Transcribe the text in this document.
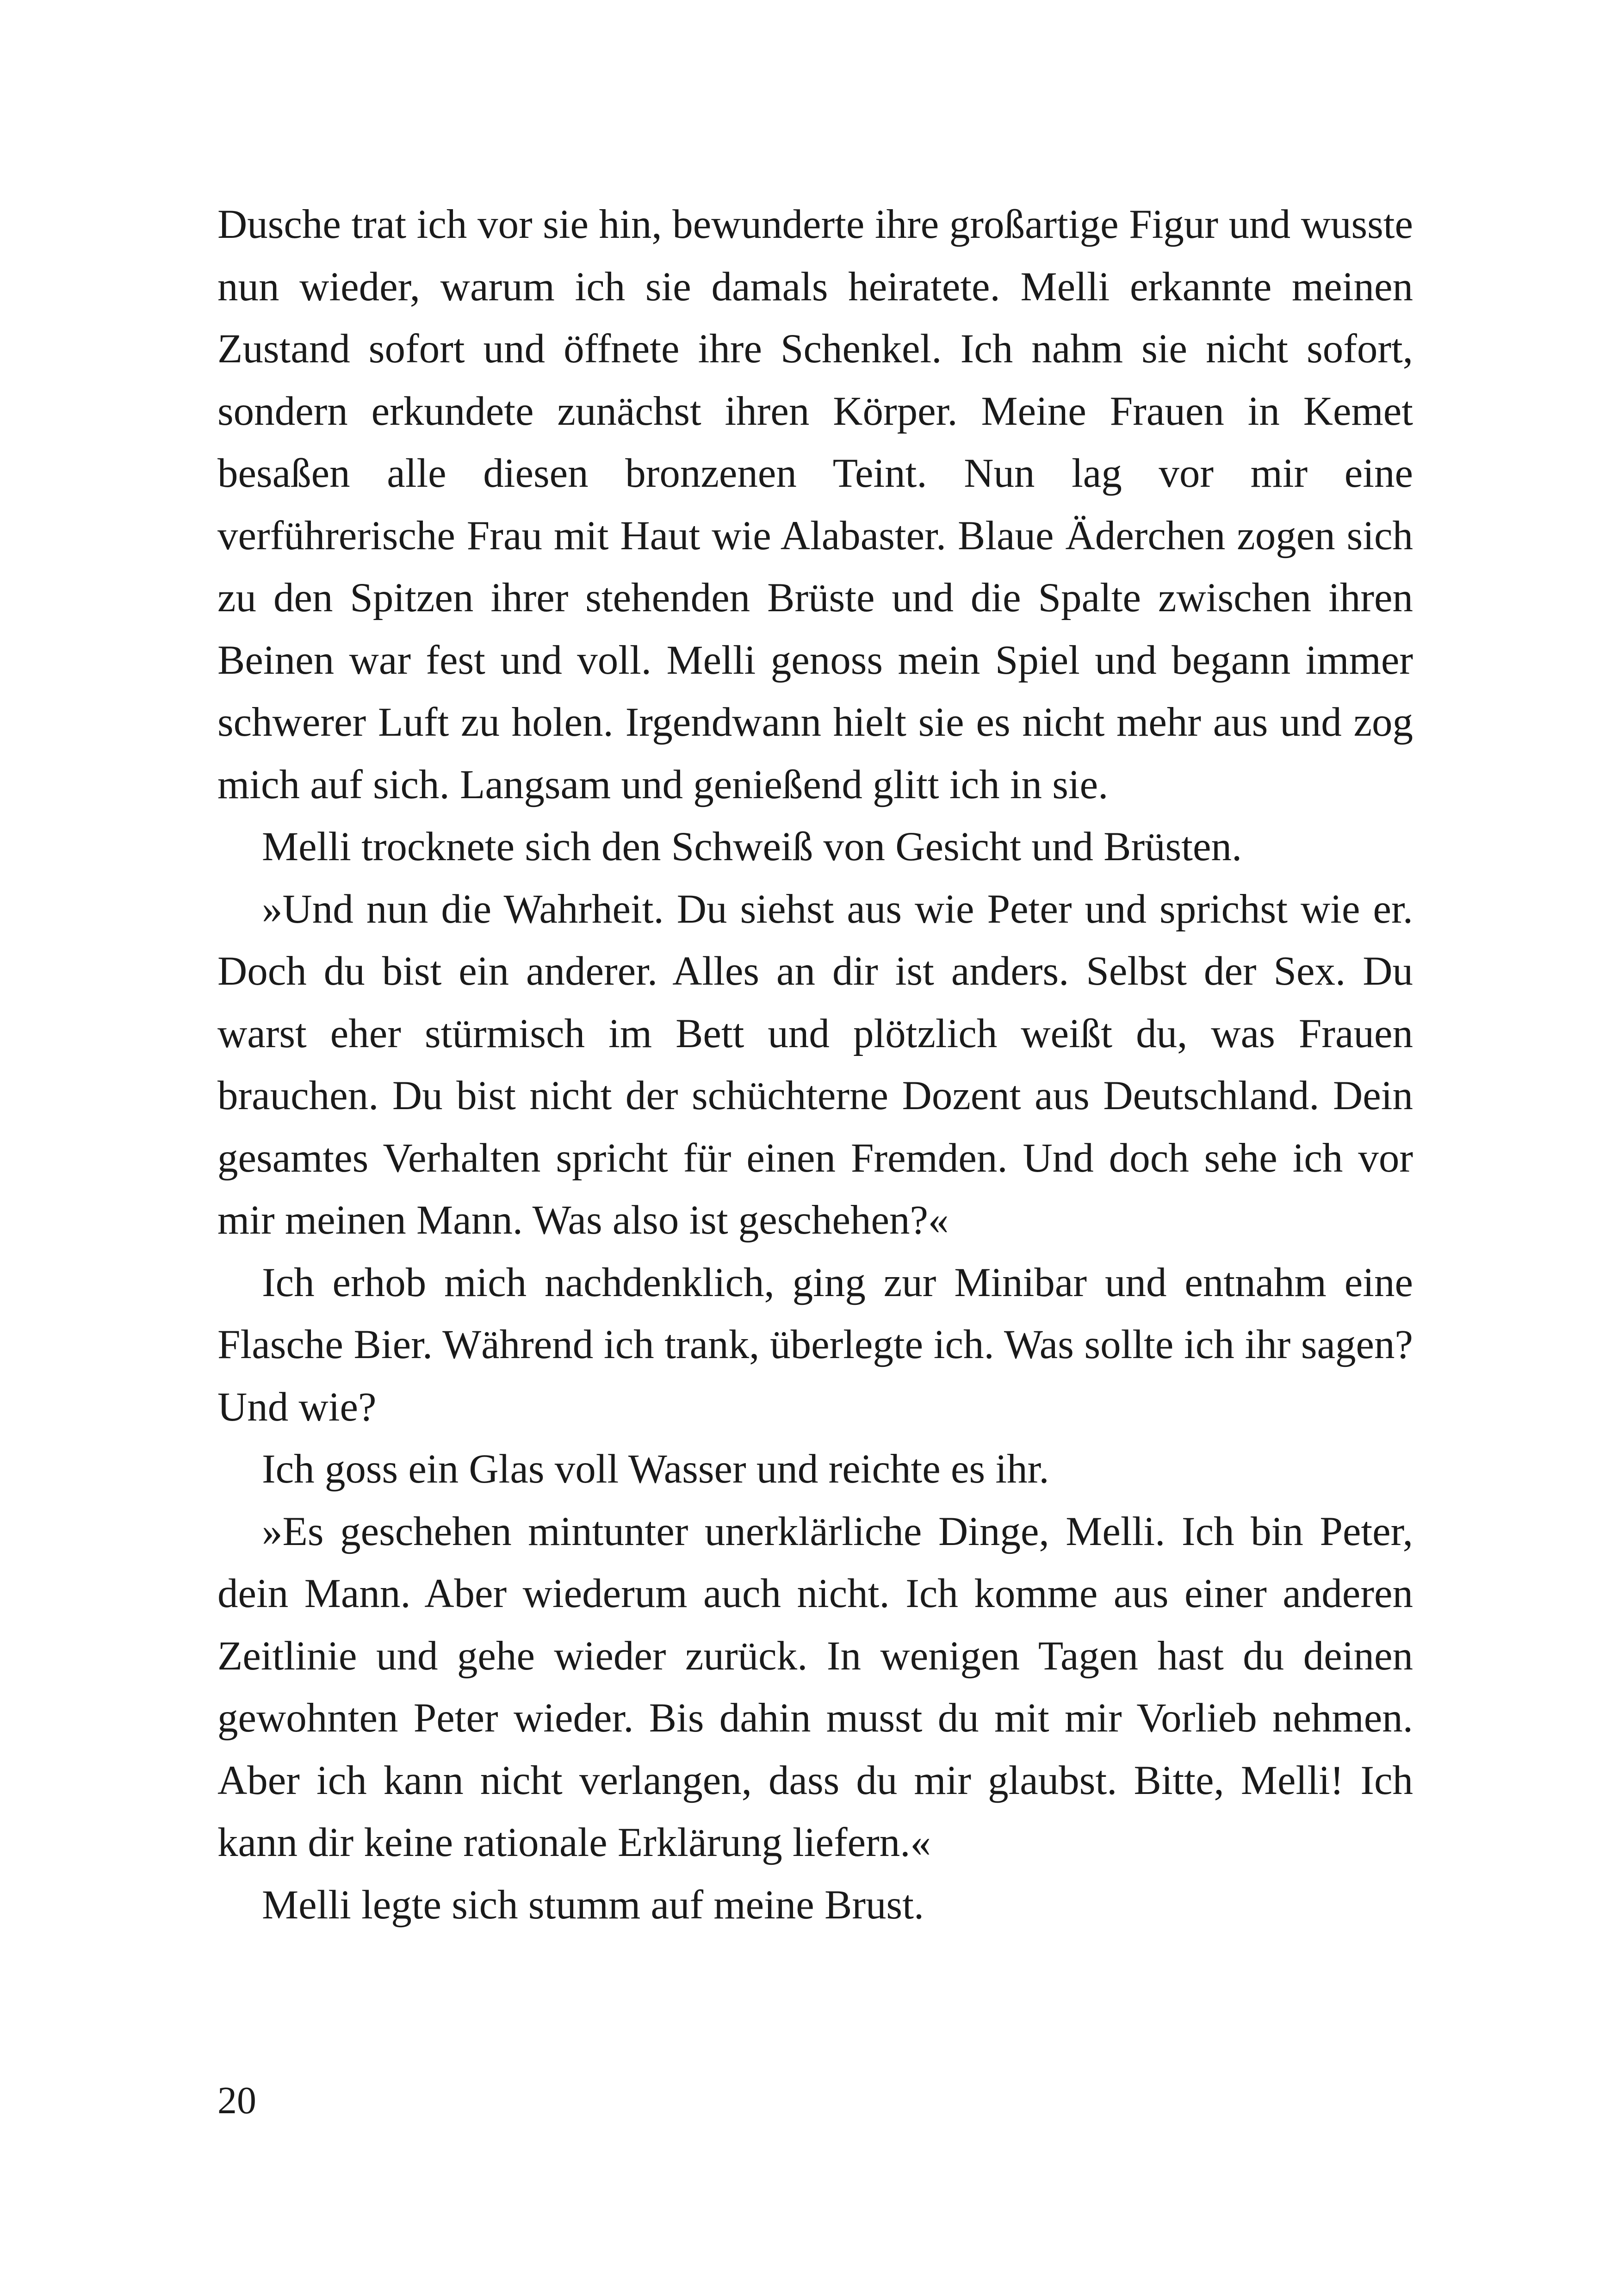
Dusche trat ich vor sie hin, bewunderte ihre großartige Figur und wusste nun wieder, warum ich sie damals heiratete. Melli erkannte meinen Zustand sofort und öffnete ihre Schenkel. Ich nahm sie nicht sofort, sondern erkundete zunächst ihren Körper. Meine Frauen in Kemet besaßen alle diesen bronzenen Teint. Nun lag vor mir eine verführerische Frau mit Haut wie Alabaster. Blaue Äderchen zogen sich zu den Spitzen ihrer stehenden Brüste und die Spalte zwischen ihren Beinen war fest und voll. Melli genoss mein Spiel und begann immer schwerer Luft zu holen. Irgendwann hielt sie es nicht mehr aus und zog mich auf sich. Langsam und genießend glitt ich in sie.

Melli trocknete sich den Schweiß von Gesicht und Brüsten.

»Und nun die Wahrheit. Du siehst aus wie Peter und sprichst wie er. Doch du bist ein anderer. Alles an dir ist anders. Selbst der Sex. Du warst eher stürmisch im Bett und plötzlich weißt du, was Frauen brauchen. Du bist nicht der schüchterne Dozent aus Deutschland. Dein gesamtes Verhalten spricht für einen Fremden. Und doch sehe ich vor mir meinen Mann. Was also ist geschehen?«

Ich erhob mich nachdenklich, ging zur Minibar und entnahm eine Flasche Bier. Während ich trank, überlegte ich. Was sollte ich ihr sagen? Und wie?

Ich goss ein Glas voll Wasser und reichte es ihr.

»Es geschehen mintunter unerklärliche Dinge, Melli. Ich bin Peter, dein Mann. Aber wiederum auch nicht. Ich komme aus einer anderen Zeitlinie und gehe wieder zurück. In wenigen Tagen hast du deinen gewohnten Peter wieder. Bis dahin musst du mit mir Vorlieb nehmen. Aber ich kann nicht verlangen, dass du mir glaubst. Bitte, Melli! Ich kann dir keine rationale Erklärung liefern.«

Melli legte sich stumm auf meine Brust.

20
